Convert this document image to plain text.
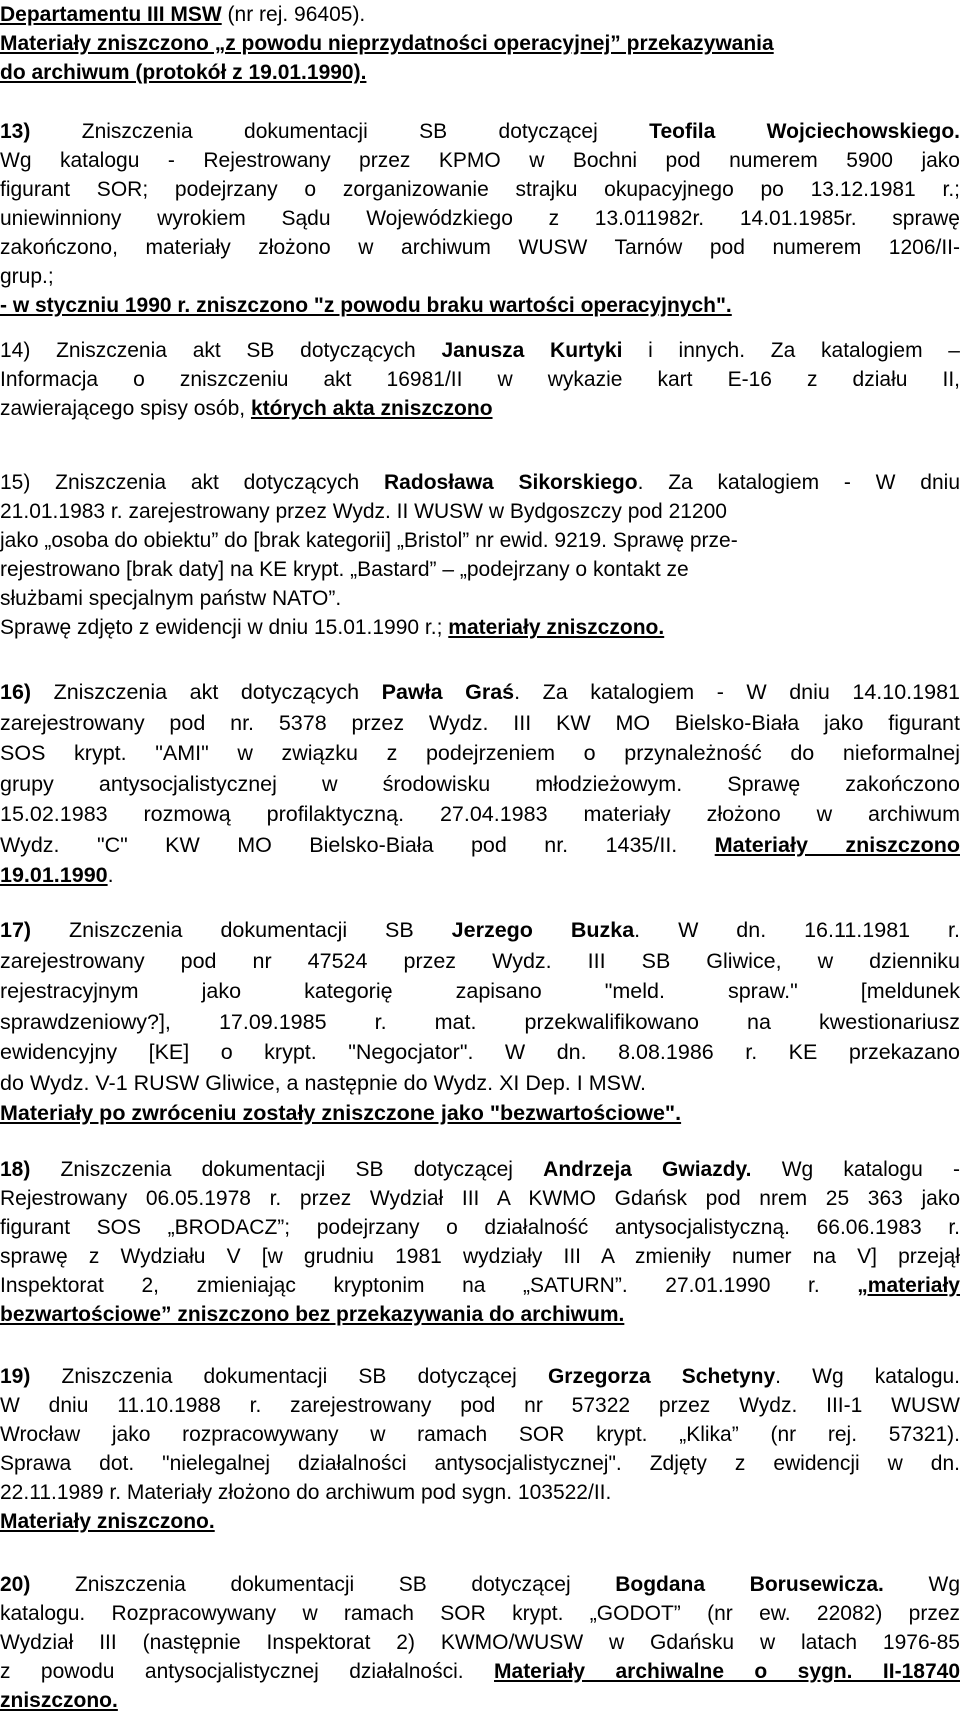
Departamentu III MSW (nr rej. 96405).

Materiały zniszczono „z powodu nieprzydatności operacyjnej” przekazywania

do archiwum (protokół z 19.01.1990).

13) Zniszczenia dokumentacji SB dotyczącej Teofila Wojciechowskiego.

Wg katalogu - Rejestrowany przez KPMO w Bochni pod numerem 5900 jako

figurant SOR; podejrzany o zorganizowanie strajku okupacyjnego po 13.12.1981 r.;

uniewinniony wyrokiem Sądu Wojewódzkiego z 13.011982r. 14.01.1985r. sprawę

zakończono, materiały złożono w archiwum WUSW Tarnów pod numerem 1206/II-

grup.;

- w styczniu 1990 r. zniszczono "z powodu braku wartości operacyjnych".

14) Zniszczenia akt SB dotyczących Janusza Kurtyki i innych. Za katalogiem –

Informacja o zniszczeniu akt 16981/II w wykazie kart E-16 z działu II,

zawierającego spisy osób, których akta zniszczono

15) Zniszczenia akt dotyczących Radosława Sikorskiego. Za katalogiem - W dniu

21.01.1983 r. zarejestrowany przez Wydz. II WUSW w Bydgoszczy pod 21200

jako „osoba do obiektu” do [brak kategorii] „Bristol” nr ewid. 9219. Sprawę prze-

rejestrowano [brak daty] na KE krypt. „Bastard” – „podejrzany o kontakt ze

służbami specjalnym państw NATO”.

Sprawę zdjęto z ewidencji w dniu 15.01.1990 r.; materiały zniszczono.

16) Zniszczenia akt dotyczących Pawła Graś. Za katalogiem - W dniu 14.10.1981

zarejestrowany pod nr. 5378 przez Wydz. III KW MO Bielsko-Biała jako figurant

SOS krypt. "AMI" w związku z podejrzeniem o przynależność do nieformalnej

grupy antysocjalistycznej w środowisku młodzieżowym. Sprawę zakończono

15.02.1983 rozmową profilaktyczną. 27.04.1983 materiały złożono w archiwum

Wydz. "C" KW MO Bielsko-Biała pod nr. 1435/II. Materiały zniszczono

19.01.1990.

17) Zniszczenia dokumentacji SB Jerzego Buzka. W dn. 16.11.1981 r.

zarejestrowany pod nr 47524 przez Wydz. III SB Gliwice, w dzienniku

rejestracyjnym jako kategorię zapisano "meld. spraw." [meldunek

sprawdzeniowy?], 17.09.1985 r. mat. przekwalifikowano na kwestionariusz

ewidencyjny [KE] o krypt. "Negocjator". W dn. 8.08.1986 r. KE przekazano

do Wydz. V-1 RUSW Gliwice, a następnie do Wydz. XI Dep. I MSW.

Materiały po zwróceniu zostały zniszczone jako "bezwartościowe".

18) Zniszczenia dokumentacji SB dotyczącej Andrzeja Gwiazdy. Wg katalogu -

Rejestrowany 06.05.1978 r. przez Wydział III A KWMO Gdańsk pod nrem 25 363 jako

figurant SOS „BRODACZ”; podejrzany o działalność antysocjalistyczną. 66.06.1983 r.

sprawę z Wydziału V [w grudniu 1981 wydziały III A zmieniły numer na V] przejął

Inspektorat 2, zmieniając kryptonim na „SATURN”. 27.01.1990 r. „materiały

bezwartościowe” zniszczono bez przekazywania do archiwum.

19) Zniszczenia dokumentacji SB dotyczącej Grzegorza Schetyny. Wg katalogu.

W dniu 11.10.1988 r. zarejestrowany pod nr 57322 przez Wydz. III-1 WUSW

Wrocław jako rozpracowywany w ramach SOR krypt. „Klika” (nr rej. 57321).

Sprawa dot. "nielegalnej działalności antysocjalistycznej". Zdjęty z ewidencji w dn.

22.11.1989 r. Materiały złożono do archiwum pod sygn. 103522/II.

Materiały zniszczono.

20) Zniszczenia dokumentacji SB dotyczącej Bogdana Borusewicza. Wg

katalogu. Rozpracowywany w ramach SOR krypt. „GODOT” (nr ew. 22082) przez

Wydział III (następnie Inspektorat 2) KWMO/WUSW w Gdańsku w latach 1976-85

z powodu antysocjalistycznej działalności. Materiały archiwalne o sygn. II-18740

zniszczono.
